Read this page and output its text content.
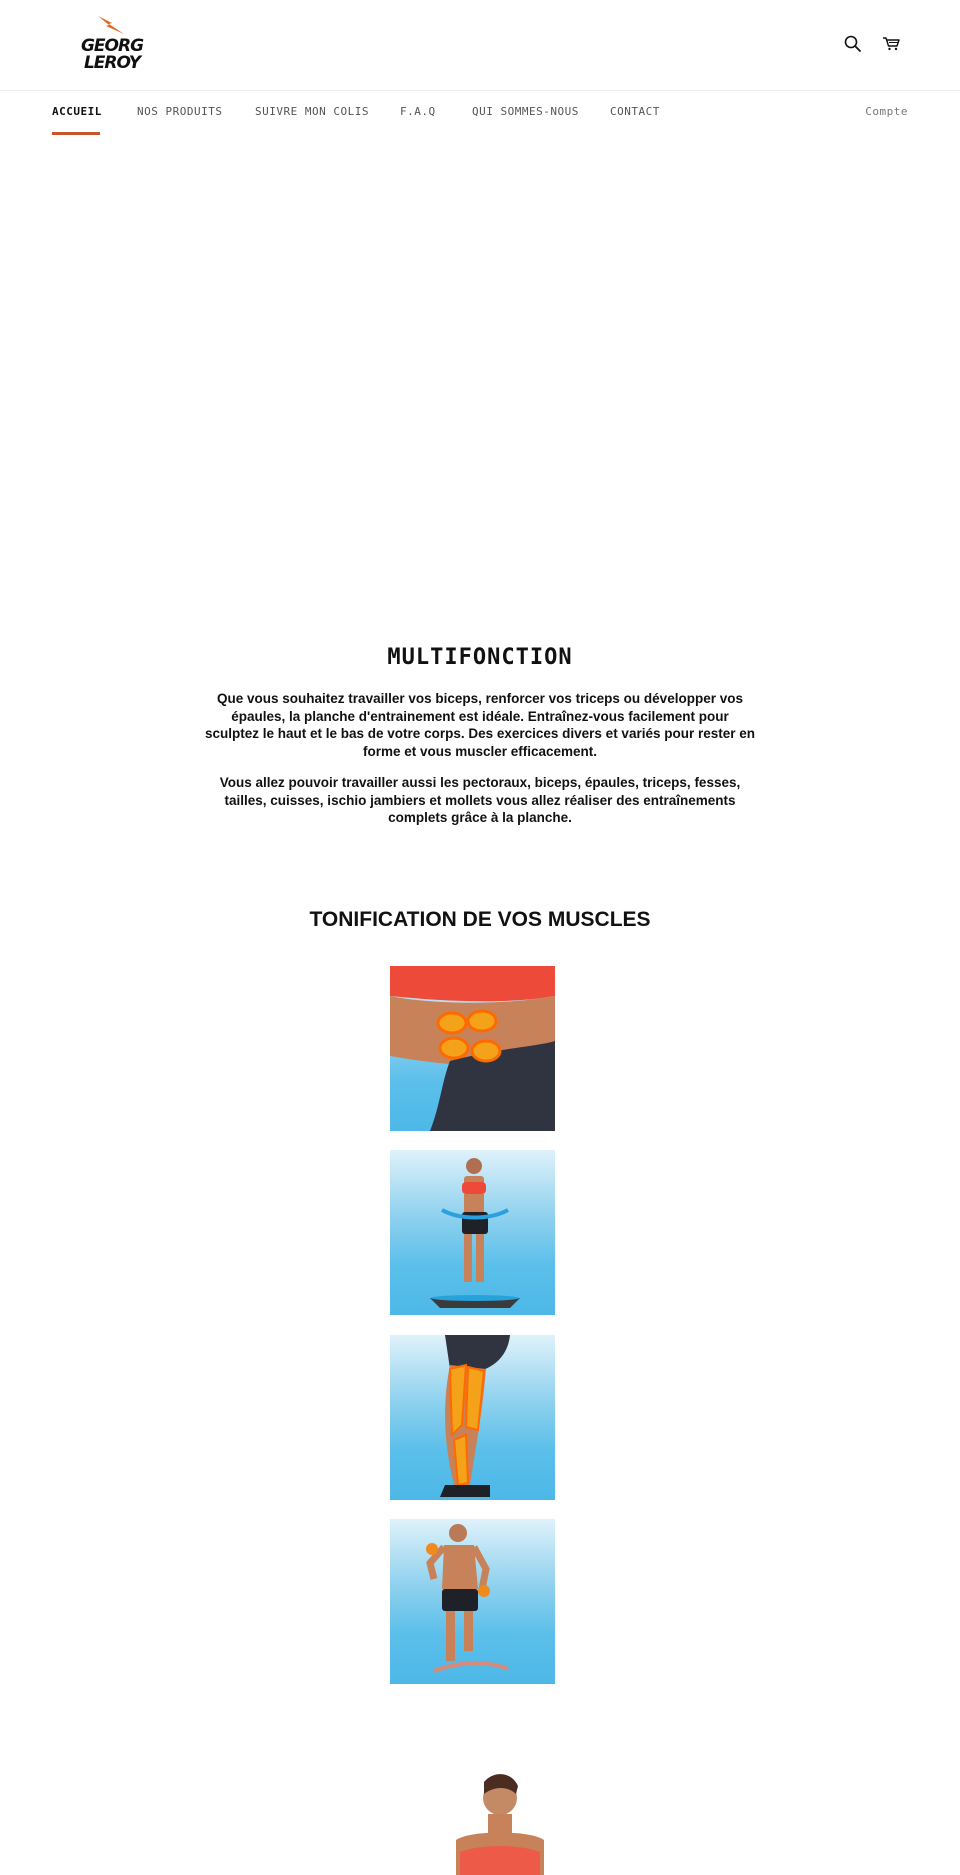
GEORG
LEROY
ACCUEIL	NOS PRODUITS	SUIVRE MON COLIS	F.A.Q	QUI SOMMES-NOUS	CONTACT	Compte
MULTIFONCTION
Que vous souhaitez travailler vos biceps, renforcer vos triceps ou développer vos épaules, la planche d'entrainement est idéale. Entraînez-vous facilement pour sculptez le haut et le bas de votre corps. Des exercices divers et variés pour rester en forme et vous muscler efficacement.
Vous allez pouvoir travailler aussi les pectoraux, biceps, épaules, triceps, fesses, tailles, cuisses, ischio jambiers et mollets vous allez réaliser des entraînements complets grâce à la planche.
TONIFICATION DE VOS MUSCLES
